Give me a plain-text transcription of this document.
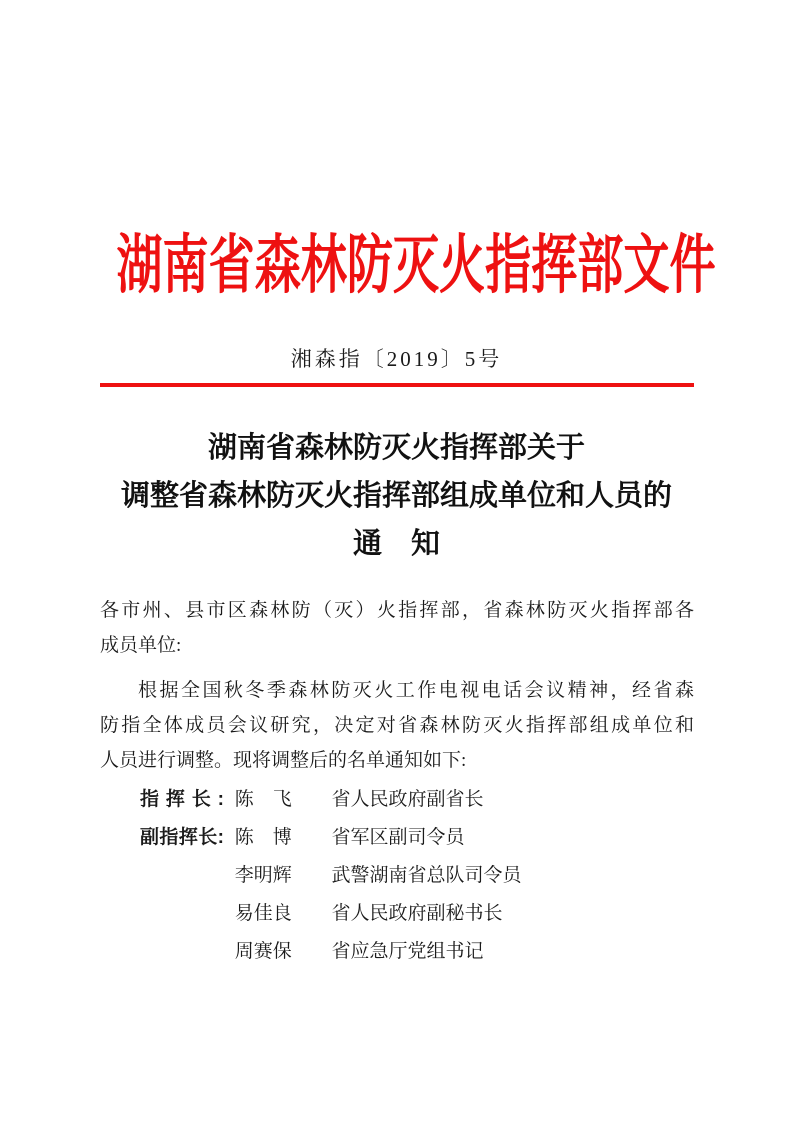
湖南省森林防灭火指挥部文件
湘森指〔2019〕5号
湖南省森林防灭火指挥部关于
调整省森林防灭火指挥部组成单位和人员的
通　知
各市州、县市区森林防（灭）火指挥部，省森林防灭火指挥部各
成员单位:
根据全国秋冬季森林防灭火工作电视电话会议精神，经省森
防指全体成员会议研究，决定对省森林防灭火指挥部组成单位和
人员进行调整。现将调整后的名单通知如下:
指挥长: 陈　飞 省人民政府副省长
副指挥长: 陈　博 省军区副司令员
李明辉 武警湖南省总队司令员
易佳良 省人民政府副秘书长
周赛保 省应急厅党组书记
